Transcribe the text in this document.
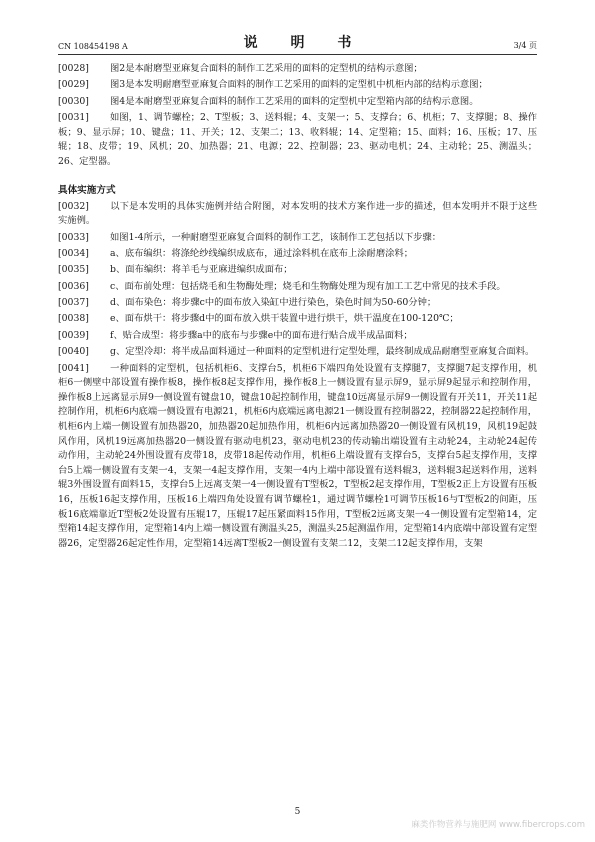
CN 108454198 A	说 明 书	3/4 页
[0028] 图2是本耐磨型亚麻复合面料的制作工艺采用的面料的定型机的结构示意图；
[0029] 图3是本发明耐磨型亚麻复合面料的制作工艺采用的面料的定型机中机柜内部的结构示意图；
[0030] 图4是本耐磨型亚麻复合面料的制作工艺采用的面料的定型机中定型箱内部的结构示意图。
[0031] 如图，1、调节螺栓；2、T型板；3、送料辊；4、支架一；5、支撑台；6、机柜；7、支撑腿；8、操作板；9、显示屏；10、键盘；11、开关；12、支架二；13、收料辊；14、定型箱；15、面料；16、压板；17、压辊；18、皮带；19、风机；20、加热器；21、电源；22、控制器；23、驱动电机；24、主动轮；25、测温头；26、定型器。
具体实施方式
[0032] 以下是本发明的具体实施例并结合附图，对本发明的技术方案作进一步的描述，但本发明并不限于这些实施例。
[0033] 如图1-4所示，一种耐磨型亚麻复合面料的制作工艺，该制作工艺包括以下步骤：
[0034] a、底布编织：将涤纶纱线编织成底布，通过涂料机在底布上涂耐磨涂料；
[0035] b、面布编织：将羊毛与亚麻进编织成面布；
[0036] c、面布前处理：包括烧毛和生物酶处理；烧毛和生物酶处理为现有加工工艺中常见的技术手段。
[0037] d、面布染色：将步骤c中的面布放入染缸中进行染色，染色时间为50-60分钟；
[0038] e、面布烘干：将步骤d中的面布放入烘干装置中进行烘干，烘干温度在100-120℃；
[0039] f、贴合成型：将步骤a中的底布与步骤e中的面布进行贴合成半成品面料；
[0040] g、定型冷却：将半成品面料通过一种面料的定型机进行定型处理，最终制成成品耐磨型亚麻复合面料。
[0041] 一种面料的定型机，包括机柜6、支撑台5，机柜6下端四角处设置有支撑腿7，支撑腿7起支撑作用，机柜6一侧壁中部设置有操作板8，操作板8起支撑作用，操作板8上一侧设置有显示屏9，显示屏9起显示和控制作用，操作板8上远离显示屏9一侧设置有键盘10，键盘10起控制作用，键盘10远离显示屏9一侧设置有开关11，开关11起控制作用，机柜6内底端一侧设置有电源21，机柜6内底端远离电源21一侧设置有控制器22，控制器22起控制作用，机柜6内上端一侧设置有加热器20，加热器20起加热作用，机柜6内远离加热器20一侧设置有风机19，风机19起鼓风作用，风机19远离加热器20一侧设置有驱动电机23，驱动电机23的传动输出端设置有主动轮24，主动轮24起传动作用，主动轮24外围设置有皮带18，皮带18起传动作用，机柜6上端设置有支撑台5，支撑台5起支撑作用，支撑台5上端一侧设置有支架一4，支架一4起支撑作用，支架一4内上端中部设置有送料辊3，送料辊3起送料作用，送料辊3外围设置有面料15，支撑台5上远离支架一4一侧设置有T型板2，T型板2起支撑作用，T型板2正上方设置有压板16，压板16起支撑作用，压板16上端四角处设置有调节螺栓1，通过调节螺栓1可调节压板16与T型板2的间距，压板16底端靠近T型板2处设置有压辊17，压辊17起压紧面料15作用，T型板2远离支架一4一侧设置有定型箱14，定型箱14起支撑作用，定型箱14内上端一侧设置有测温头25，测温头25起测温作用，定型箱14内底端中部设置有定型器26，定型器26起定性作用，定型箱14远离T型板2一侧设置有支架二12，支架二12起支撑作用，支架
5
麻类作物营养与施肥网 www.fibercrops.com
